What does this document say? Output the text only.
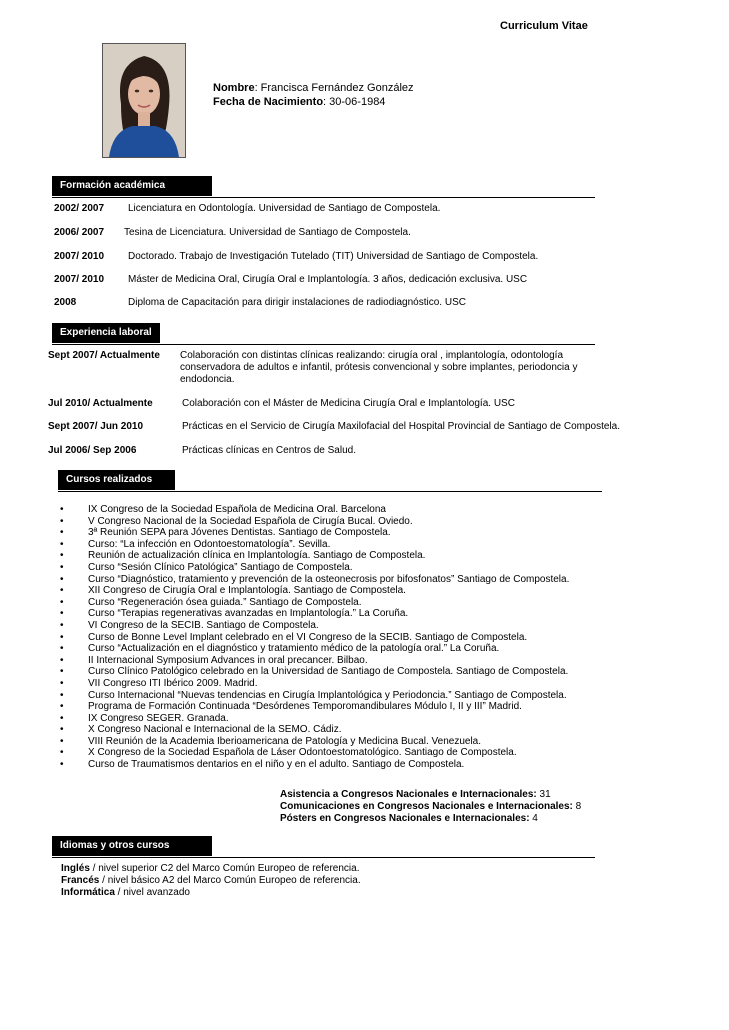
Curriculum Vitae
Nombre: Francisca Fernández González
Fecha de Nacimiento: 30-06-1984
Formación académica
2002/ 2007 Licenciatura en Odontología. Universidad de Santiago de Compostela.
2006/ 2007 Tesina de Licenciatura. Universidad de Santiago de Compostela.
2007/ 2010 Doctorado. Trabajo de Investigación Tutelado (TIT) Universidad de Santiago de Compostela.
2007/ 2010 Máster de Medicina Oral, Cirugía Oral e Implantología. 3 años, dedicación exclusiva. USC
2008	Diploma de Capacitación para dirigir instalaciones de radiodiagnóstico. USC
Experiencia laboral
Sept 2007/ Actualmente Colaboración con distintas clínicas realizando: cirugía oral , implantología, odontología
conservadora de adultos e infantil, prótesis convencional y sobre implantes, periodoncia y
endodoncia.
Jul 2010/ Actualmente	Colaboración con el Máster de Medicina Cirugía Oral e Implantología. USC
Sept 2007/ Jun 2010	Prácticas en el Servicio de Cirugía Maxilofacial del Hospital Provincial de Santiago de Compostela.
Jul 2006/ Sep 2006	Prácticas clínicas en Centros de Salud.
Cursos realizados
• IX Congreso de la Sociedad Española de Medicina Oral. Barcelona
• V Congreso Nacional de la Sociedad Española de Cirugía Bucal. Oviedo.
• 3ª Reunión SEPA para Jóvenes Dentistas. Santiago de Compostela.
• Curso: “La infección en Odontoestomatología”. Sevilla.
• Reunión de actualización clínica en Implantología. Santiago de Compostela.
• Curso “Sesión Clínico Patológica” Santiago de Compostela.
• Curso “Diagnóstico, tratamiento y prevención de la osteonecrosis por bifosfonatos” Santiago de Compostela.
• XII Congreso de Cirugía Oral e Implantología. Santiago de Compostela.
• Curso “Regeneración ósea guiada.” Santiago de Compostela.
• Curso “Terapias regenerativas avanzadas en Implantología.” La Coruña.
• VI Congreso de la SECIB. Santiago de Compostela.
• Curso de Bonne Level Implant celebrado en el VI Congreso de la SECIB. Santiago de Compostela.
• Curso “Actualización en el diagnóstico y tratamiento médico de la patología oral.” La Coruña.
• II Internacional Symposium Advances in oral precancer. Bilbao.
• Curso Clínico Patológico celebrado en la Universidad de Santiago de Compostela. Santiago de Compostela.
• VII Congreso ITI Ibérico 2009. Madrid.
• Curso Internacional “Nuevas tendencias en Cirugía Implantológica y Periodoncia.” Santiago de Compostela.
• Programa de Formación Continuada “Desórdenes Temporomandibulares Módulo I, II y III” Madrid.
• IX Congreso SEGER. Granada.
• X Congreso Nacional e Internacional de la SEMO. Cádiz.
• VIII Reunión de la Academia Iberioamericana de Patología y Medicina Bucal. Venezuela.
• X Congreso de la Sociedad Española de Láser Odontoestomatológico. Santiago de Compostela.
• Curso de Traumatismos dentarios en el niño y en el adulto. Santiago de Compostela.
Asistencia a Congresos Nacionales e Internacionales: 31
Comunicaciones en Congresos Nacionales e Internacionales: 8
Pósters en Congresos Nacionales e Internacionales: 4
Idiomas y otros cursos
Inglés / nivel superior C2 del Marco Común Europeo de referencia.
Francés / nivel básico A2 del Marco Común Europeo de referencia.
Informática / nivel avanzado
